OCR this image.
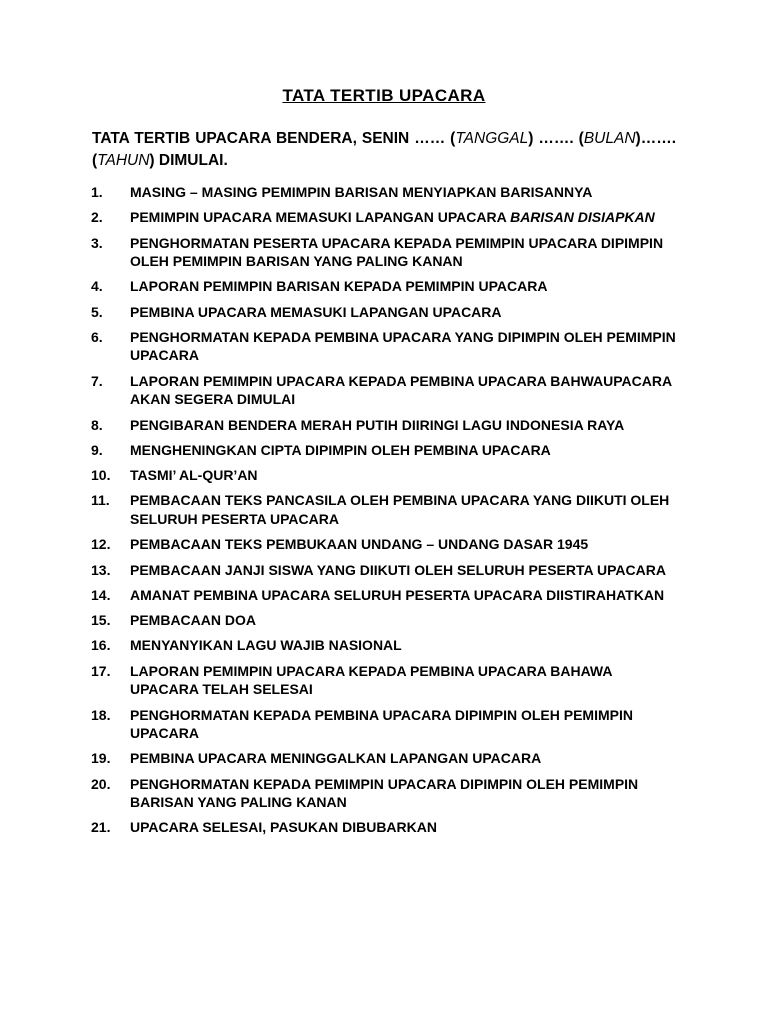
TATA TERTIB UPACARA
TATA TERTIB UPACARA BENDERA, SENIN …… (TANGGAL) ……. (BULAN)……. (TAHUN) DIMULAI.
1.	MASING – MASING PEMIMPIN BARISAN MENYIAPKAN BARISANNYA
2.	PEMIMPIN UPACARA MEMASUKI LAPANGAN UPACARA BARISAN DISIAPKAN
3.	PENGHORMATAN PESERTA UPACARA KEPADA PEMIMPIN UPACARA DIPIMPIN OLEH PEMIMPIN BARISAN YANG PALING KANAN
4.	LAPORAN PEMIMPIN BARISAN KEPADA PEMIMPIN UPACARA
5.	PEMBINA UPACARA MEMASUKI LAPANGAN UPACARA
6.	PENGHORMATAN KEPADA PEMBINA UPACARA YANG DIPIMPIN OLEH PEMIMPIN UPACARA
7.	LAPORAN PEMIMPIN UPACARA KEPADA PEMBINA UPACARA BAHWAUPACARA AKAN SEGERA DIMULAI
8.	PENGIBARAN BENDERA MERAH PUTIH DIIRINGI LAGU INDONESIA RAYA
9.	MENGHENINGKAN CIPTA DIPIMPIN OLEH PEMBINA UPACARA
10.	TASMI’ AL-QUR’AN
11.	PEMBACAAN TEKS PANCASILA OLEH PEMBINA UPACARA YANG DIIKUTI OLEH SELURUH PESERTA UPACARA
12.	PEMBACAAN TEKS PEMBUKAAN UNDANG – UNDANG DASAR 1945
13.	PEMBACAAN JANJI SISWA YANG DIIKUTI OLEH SELURUH PESERTA UPACARA
14.	AMANAT PEMBINA UPACARA SELURUH PESERTA UPACARA DIISTIRAHATKAN
15.	PEMBACAAN DOA
16.	MENYANYIKAN LAGU WAJIB NASIONAL
17.	LAPORAN PEMIMPIN UPACARA KEPADA PEMBINA UPACARA BAHAWA UPACARA TELAH SELESAI
18.	PENGHORMATAN KEPADA PEMBINA UPACARA DIPIMPIN OLEH PEMIMPIN UPACARA
19.	PEMBINA UPACARA MENINGGALKAN LAPANGAN UPACARA
20.	PENGHORMATAN KEPADA PEMIMPIN UPACARA DIPIMPIN OLEH PEMIMPIN BARISAN YANG PALING KANAN
21.	UPACARA SELESAI, PASUKAN DIBUBARKAN
